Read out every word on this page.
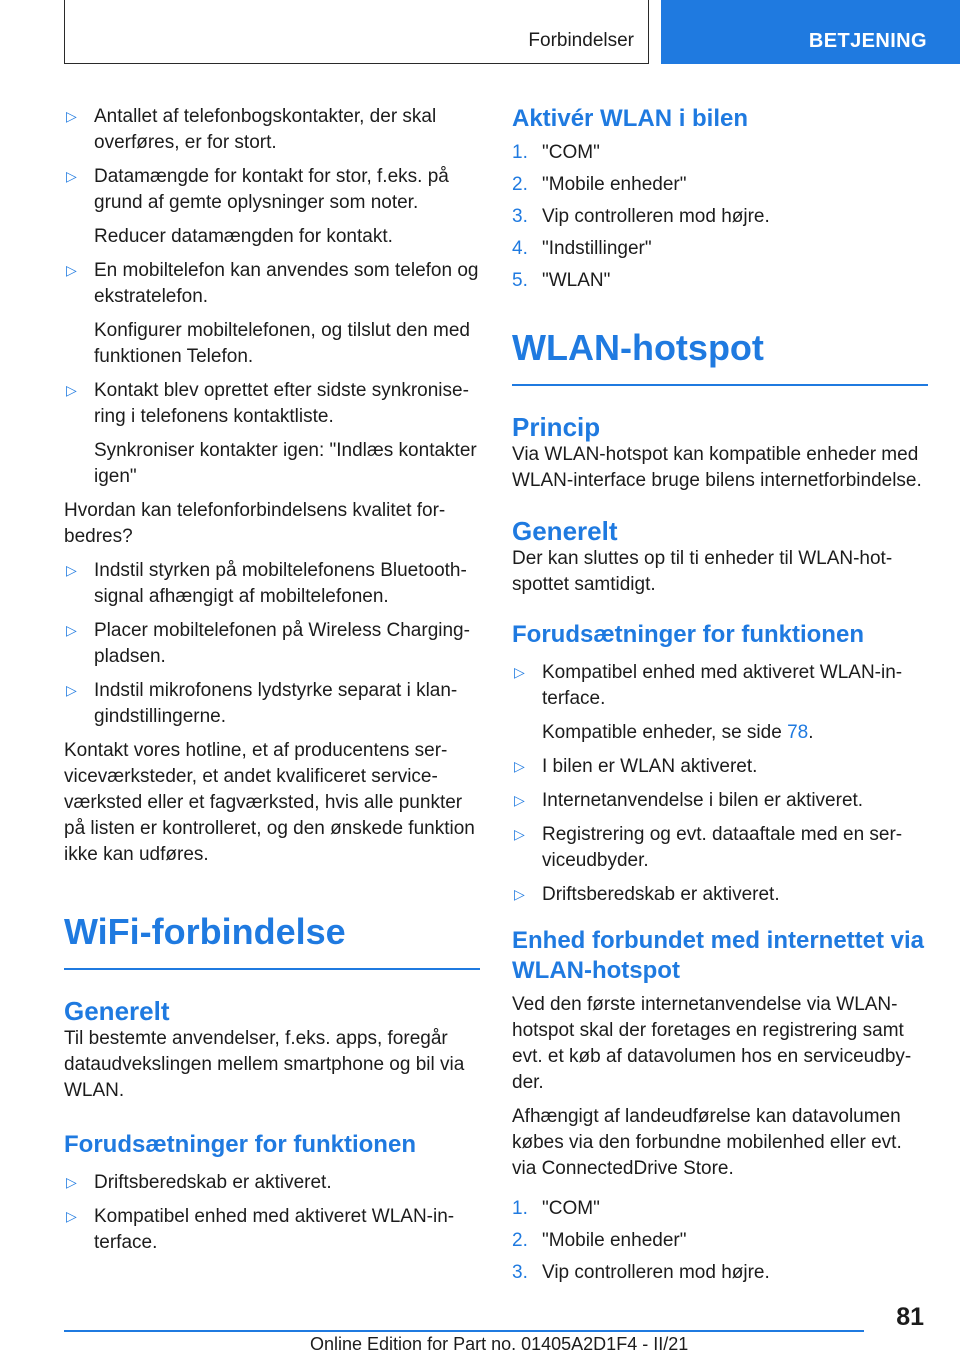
Forbindelser	BETJENING
▷ Antallet af telefonbogskontakter, der skal overføres, er for stort.

▷ Datamængde for kontakt for stor, f.eks. på grund af gemte oplysninger som noter.

Reducer datamængden for kontakt.

▷ En mobiltelefon kan anvendes som telefon og ekstratelefon.

Konfigurer mobiltelefonen, og tilslut den med funktionen Telefon.

▷ Kontakt blev oprettet efter sidste synkronise‐ring i telefonens kontaktliste.

Synkroniser kontakter igen: "Indlæs kontakter igen"

Hvordan kan telefonforbindelsens kvalitet for‐bedres?

▷ Indstil styrken på mobiltelefonens Bluetooth-signal afhængigt af mobiltelefonen.

▷ Placer mobiltelefonen på Wireless Charging-pladsen.

▷ Indstil mikrofonens lydstyrke separat i klan‐gindstillingerne.

Kontakt vores hotline, et af producentens ser‐viceværksteder, et andet kvalificeret service‐værksted eller et fagværksted, hvis alle punkter på listen er kontrolleret, og den ønskede funktion ikke kan udføres.

WiFi-forbindelse
Generelt

Til bestemte anvendelser, f.eks. apps, foregår dataudvekslingen mellem smartphone og bil via WLAN.

Forudsætninger for funktionen
▷ Driftsberedskab er aktiveret.

▷ Kompatibel enhed med aktiveret WLAN-in‐terface.

Aktivér WLAN i bilen
1. "COM"
2. "Mobile enheder"
3. Vip controlleren mod højre.
4. "Indstillinger"
5. "WLAN"
WLAN-hotspot
Princip

Via WLAN-hotspot kan kompatible enheder med WLAN-interface bruge bilens internetforbindelse.

Generelt

Der kan sluttes op til ti enheder til WLAN-hot‐spottet samtidigt.

Forudsætninger for funktionen
▷ Kompatibel enhed med aktiveret WLAN-in‐terface.

Kompatible enheder, se side 78.

▷ I bilen er WLAN aktiveret.

▷ Internetanvendelse i bilen er aktiveret.

▷ Registrering og evt. dataaftale med en ser‐viceudbyder.

▷ Driftsberedskab er aktiveret.

Enhed forbundet med internettet via WLAN-hotspot

Ved den første internetanvendelse via WLAN-hotspot skal der foretages en registrering samt evt. et køb af datavolumen hos en serviceudby‐der.

Afhængigt af landeudførelse kan datavolumen købes via den forbundne mobilenhed eller evt. via ConnectedDrive Store.

1. "COM"
2. "Mobile enheder"
3. Vip controlleren mod højre.
81
Online Edition for Part no. 01405A2D1F4 - II/21
